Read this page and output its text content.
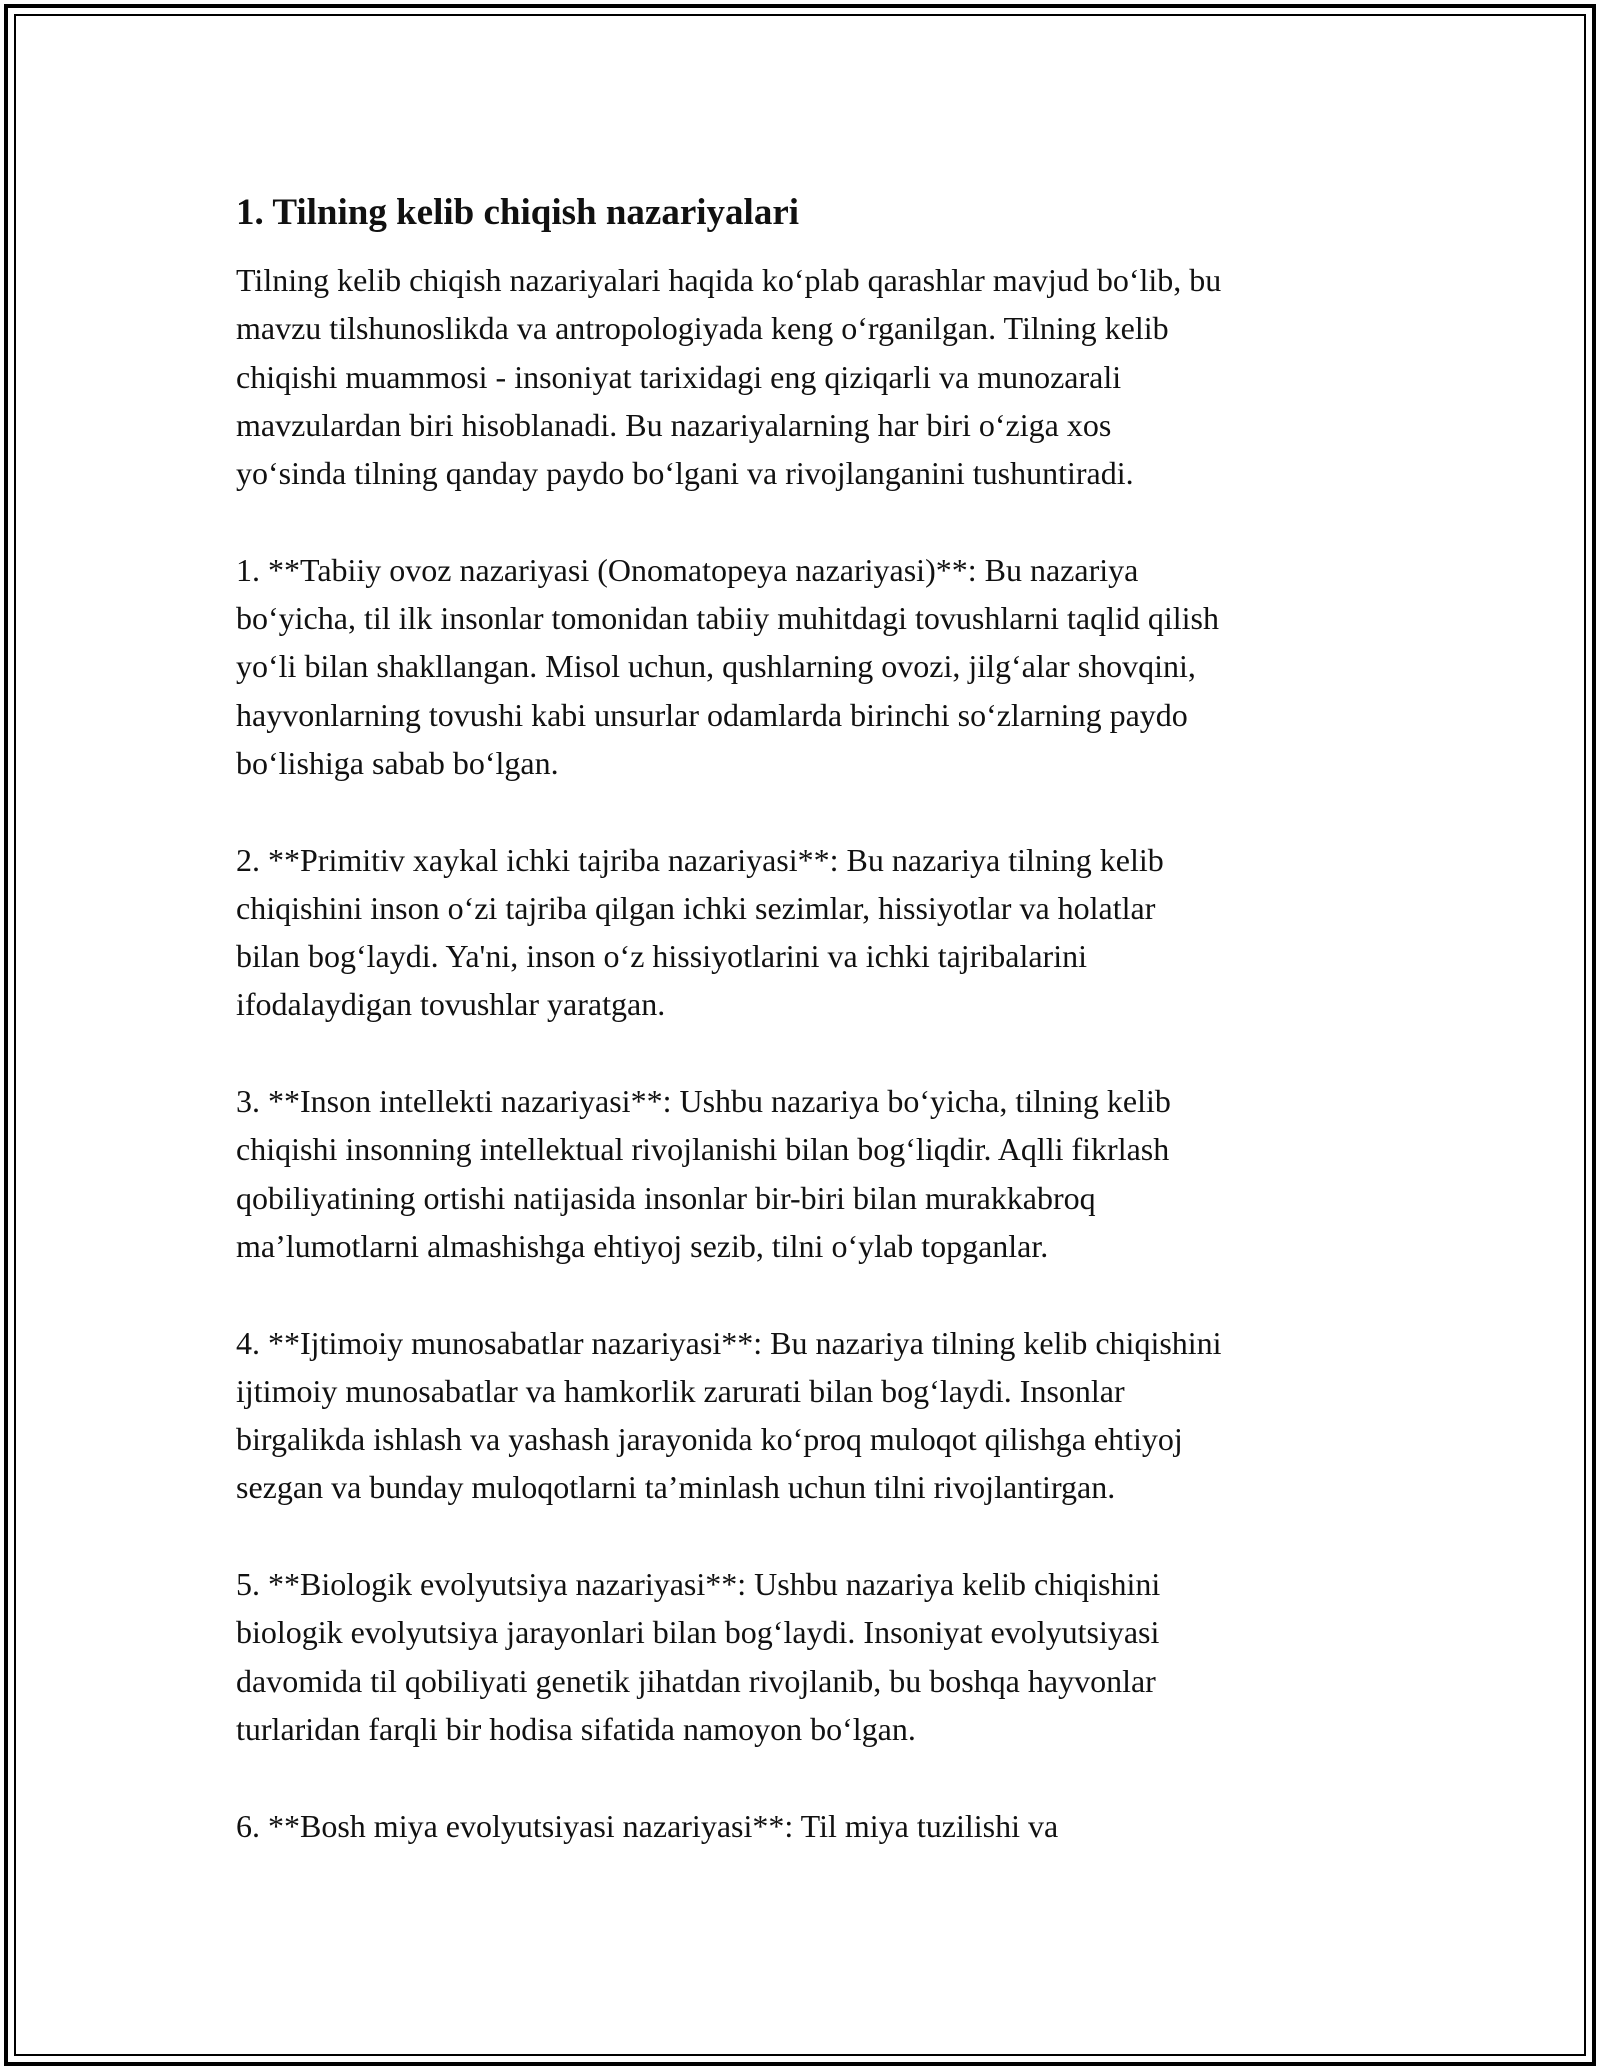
1. Tilning kelib chiqish nazariyalari

Tilning kelib chiqish nazariyalari haqida ko‘plab qarashlar mavjud bo‘lib, bu
mavzu tilshunoslikda va antropologiyada keng o‘rganilgan. Tilning kelib
chiqishi muammosi - insoniyat tarixidagi eng qiziqarli va munozarali
mavzulardan biri hisoblanadi. Bu nazariyalarning har biri o‘ziga xos
yo‘sinda tilning qanday paydo bo‘lgani va rivojlanganini tushuntiradi.

1. **Tabiiy ovoz nazariyasi (Onomatopeya nazariyasi)**: Bu nazariya
bo‘yicha, til ilk insonlar tomonidan tabiiy muhitdagi tovushlarni taqlid qilish
yo‘li bilan shakllangan. Misol uchun, qushlarning ovozi, jilg‘alar shovqini,
hayvonlarning tovushi kabi unsurlar odamlarda birinchi so‘zlarning paydo
bo‘lishiga sabab bo‘lgan.

2. **Primitiv xaykal ichki tajriba nazariyasi**: Bu nazariya tilning kelib
chiqishini inson o‘zi tajriba qilgan ichki sezimlar, hissiyotlar va holatlar
bilan bog‘laydi. Ya'ni, inson o‘z hissiyotlarini va ichki tajribalarini
ifodalaydigan tovushlar yaratgan.

3. **Inson intellekti nazariyasi**: Ushbu nazariya bo‘yicha, tilning kelib
chiqishi insonning intellektual rivojlanishi bilan bog‘liqdir. Aqlli fikrlash
qobiliyatining ortishi natijasida insonlar bir-biri bilan murakkabroq
ma’lumotlarni almashishga ehtiyoj sezib, tilni o‘ylab topganlar.

4. **Ijtimoiy munosabatlar nazariyasi**: Bu nazariya tilning kelib chiqishini
ijtimoiy munosabatlar va hamkorlik zarurati bilan bog‘laydi. Insonlar
birgalikda ishlash va yashash jarayonida ko‘proq muloqot qilishga ehtiyoj
sezgan va bunday muloqotlarni ta’minlash uchun tilni rivojlantirgan.

5. **Biologik evolyutsiya nazariyasi**: Ushbu nazariya kelib chiqishini
biologik evolyutsiya jarayonlari bilan bog‘laydi. Insoniyat evolyutsiyasi
davomida til qobiliyati genetik jihatdan rivojlanib, bu boshqa hayvonlar
turlaridan farqli bir hodisa sifatida namoyon bo‘lgan.

6. **Bosh miya evolyutsiyasi nazariyasi**: Til miya tuzilishi va
